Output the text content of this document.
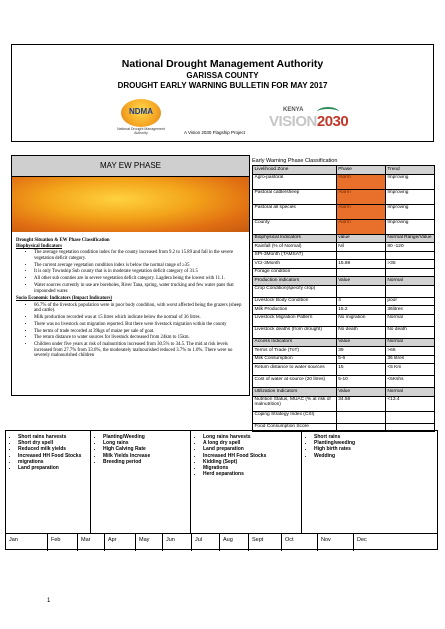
National Drought Management Authority
GARISSA COUNTY
DROUGHT EARLY WARNING BULLETIN FOR MAY 2017
NDMA
National Drought Management Authority	A Vision 2030 Flagship Project
KENYA
VISION2030
MAY EW PHASE
Drought Situation & EW Phase Classification
Biophysical Indicators
• The average vegetation condition index for the county increased from 9.2 to 15.89 and fall in the severe vegetation deficit category.
• The current average vegetation condition index is below the normal range of ≥35
• It is only Township Sub county that is in moderate vegetation deficit category of 31.5
• All other sub counties are in severe vegetation deficit category. Lagdera being the lowest with 11.1.
• Water sources currently in use are boreholes, River Tana, spring, water trucking and few water pans that impounded water.
Socio Economic Indicators (Impact Indicators)
• 66.7% of the livestock population were in poor body condition, with worst affected being the grazers (sheep and cattle).
• Milk production recorded was at 15 litres which indicate below the normal of 36 litres.
• There was no livestock out migration reported. But there were livestock migration within the county
• The terms of trade recorded at 39kgs of maize per sale of goat.
• The return distance to water sources for livestock decreased from 24km to 15km.
• Children under five years at risk of malnutrition increased from 30.5% to 34.5. The mid at risk levels increased from 27.7% from 33.6%, the moderately malnourished reduced 3.7% to 1.0%. There were no severely malnourished children
Early Warning Phase Classification
Livelihood Zone	Phase	Trend
Agro-pastoral	Alarm	Improving
Pastoral cattle/sheep	Alarm	Improving
Pastoral all species	Alarm	Improving
County	Alarm	Improving
Biophysical Indicators	value	Normal Range/Value
Rainfall (% of Normal)	Nil	80 -120
SPI-3Month (TAMSAT)		
VCI-3Month	15.89	>35
Forage condition		
Production indicators	Value	Normal
Crop Condition(specify crop)		
Livestock Body Condition	4	poor
Milk Production	15.2	36litres
Livestock Migration Pattern	No migration	Normal
Livestock deaths (from drought)	No death	No death
Access Indicators	Value	Normal
Terms of Trade (ToT)	39	>66
Milk Consumption	5-6	36 litres
Return distance to water sources	15	<5 Km
Cost of water at source (20 litres)	5-10	<5Kshs
Utilization Indicators	Value	Normal
Nutrition Status, MUAC (% at risk of malnutrition)	34.56	<13.4
Coping Strategy Index (CSI)		
Food Consumption Score		
• Short rains harvests
• Short dry spell
• Reduced milk yields
• Increased HH Food Stocks
• migrations
• Land preparation
• Planting/Weeding
• Long rains
• High Calving Rate
• Milk Yields Increase
• Breeding period
• Long rains harvests
• A long dry spell
• Land preparation
• Increased HH Food Stocks
• Kidding (Sept)
• Migrations
• Herd separations
• Short rains
• Planting/weeding
• High birth rates
• Wedding
Jan	Feb	Mar	Apr	May	Jun	Jul	Aug	Sept	Oct	Nov	Dec
1
